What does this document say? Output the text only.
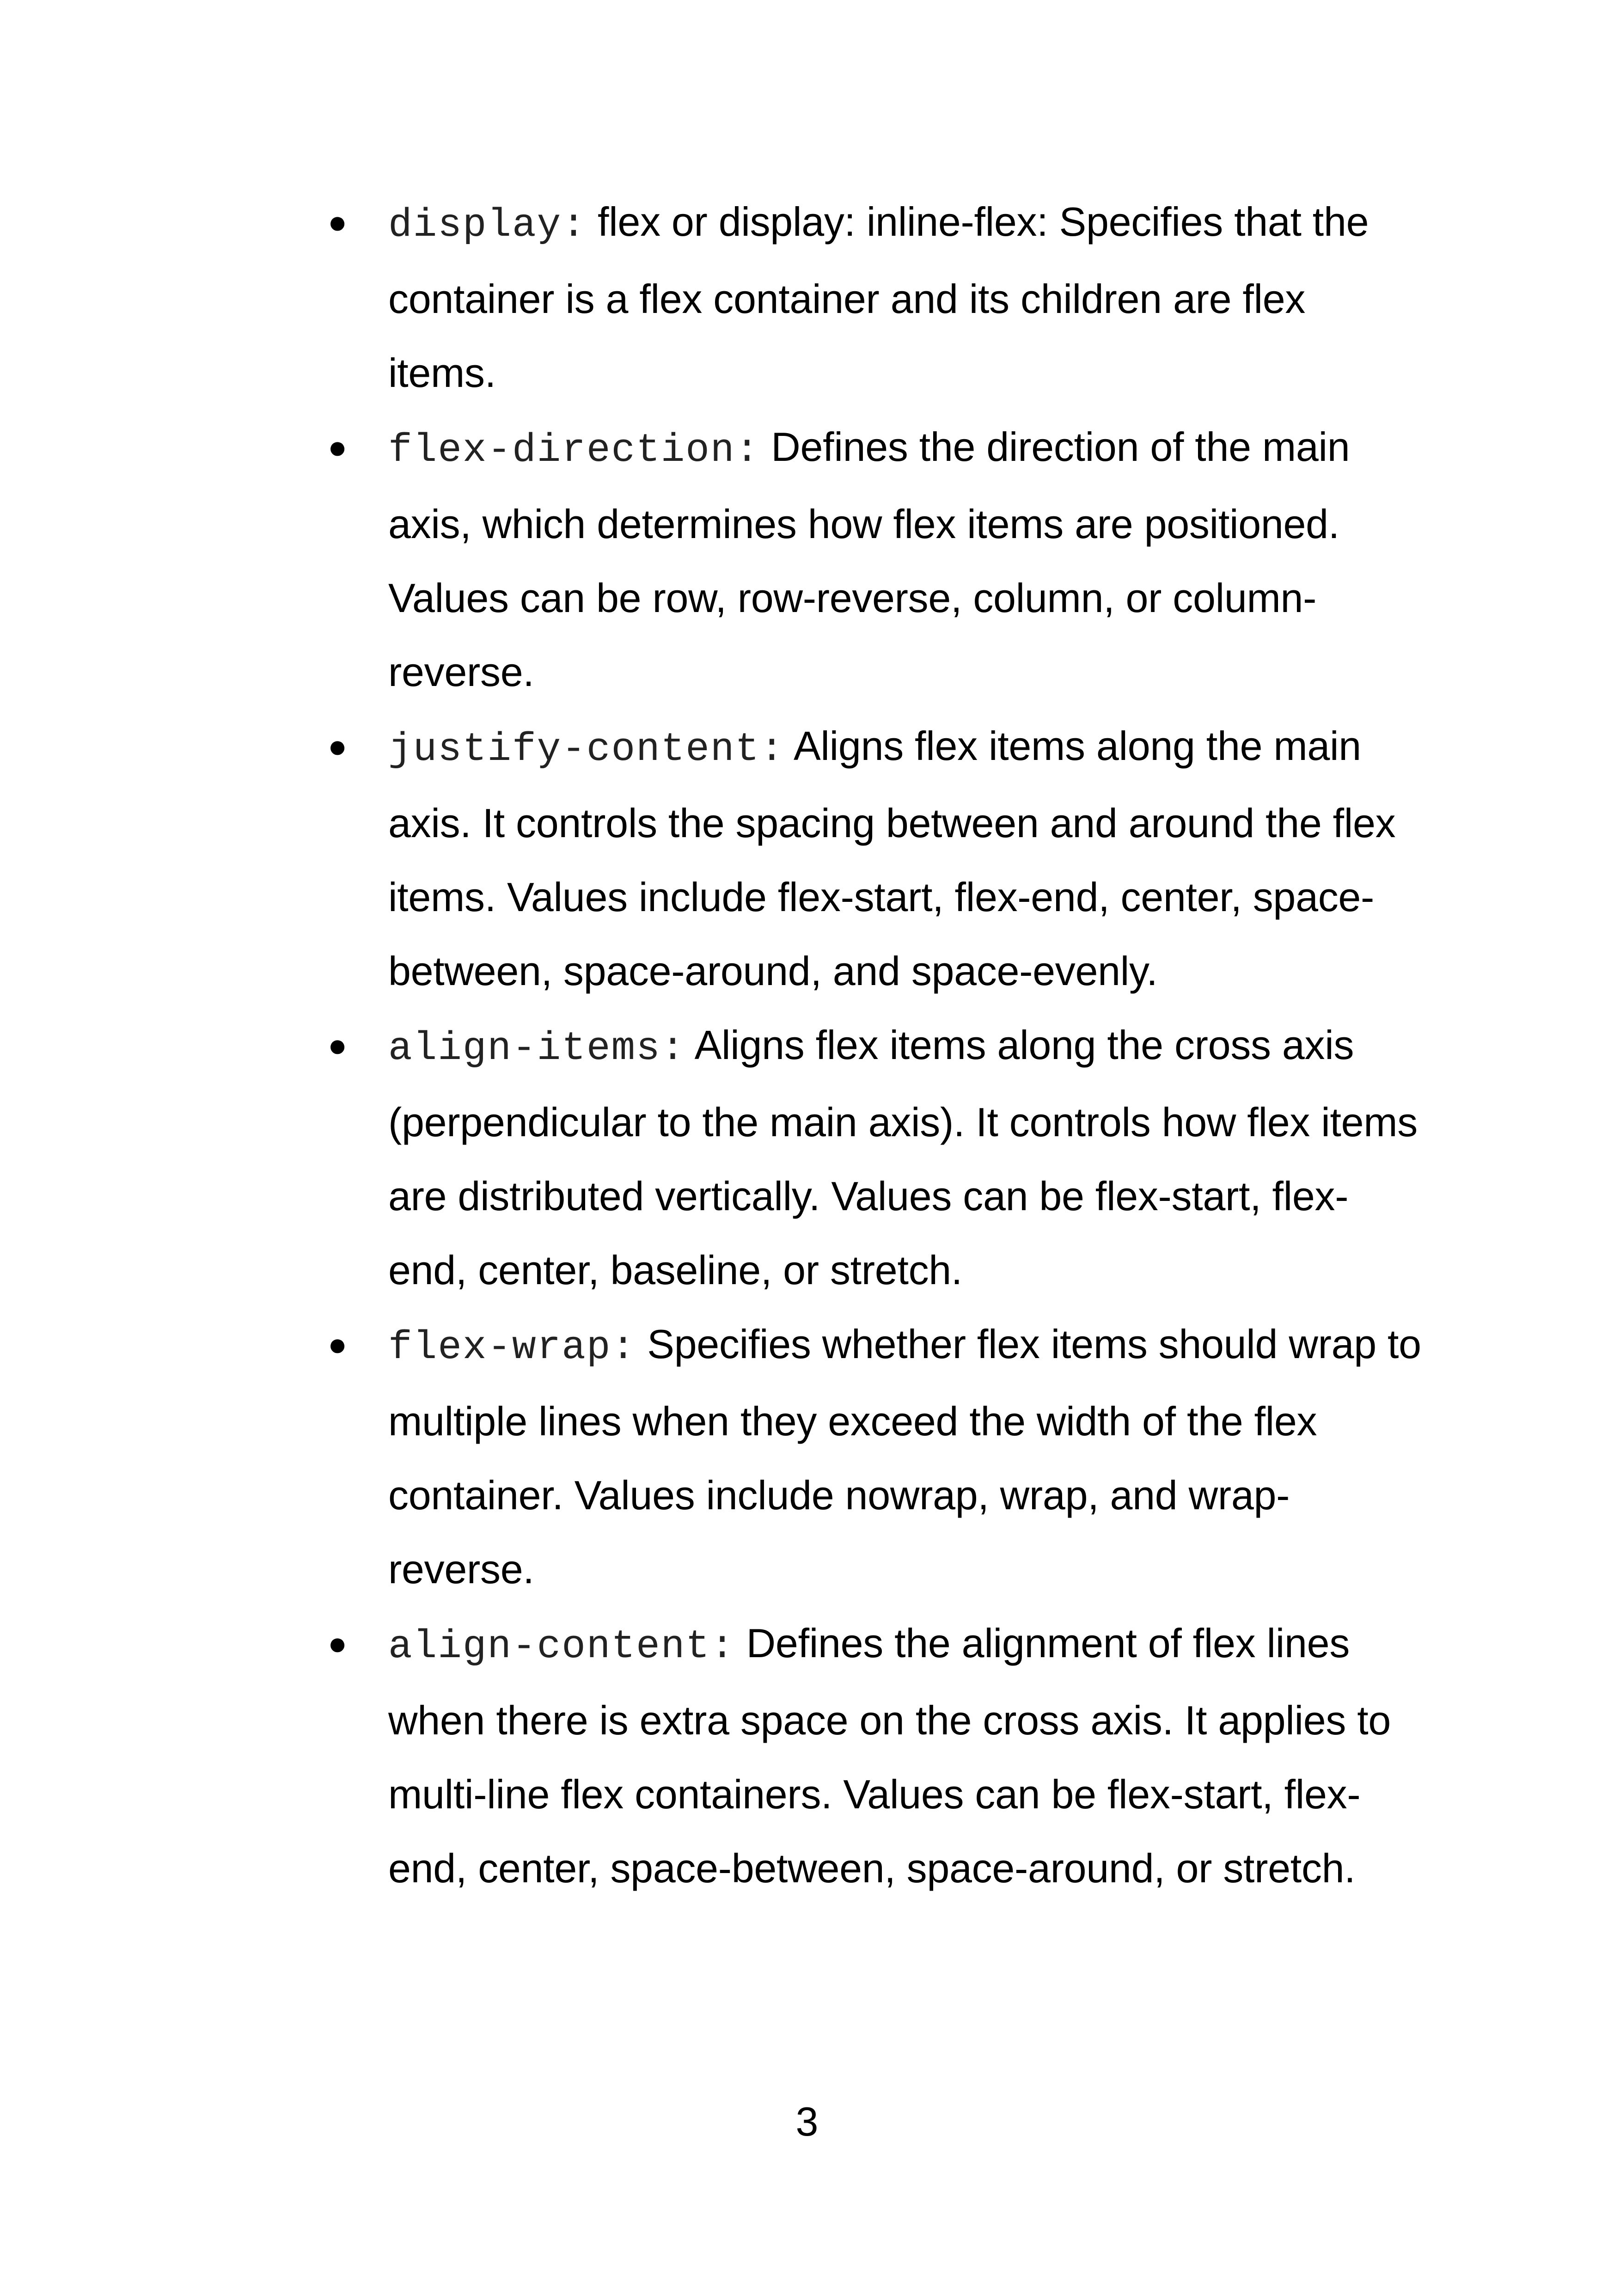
● display: flex or display: inline-flex: Specifies that the container is a flex container and its children are flex items.
● flex-direction: Defines the direction of the main axis, which determines how flex items are positioned. Values can be row, row-reverse, column, or column-reverse.
● justify-content: Aligns flex items along the main axis. It controls the spacing between and around the flex items. Values include flex-start, flex-end, center, space-between, space-around, and space-evenly.
● align-items: Aligns flex items along the cross axis (perpendicular to the main axis). It controls how flex items are distributed vertically. Values can be flex-start, flex-end, center, baseline, or stretch.
● flex-wrap: Specifies whether flex items should wrap to multiple lines when they exceed the width of the flex container. Values include nowrap, wrap, and wrap-reverse.
● align-content: Defines the alignment of flex lines when there is extra space on the cross axis. It applies to multi-line flex containers. Values can be flex-start, flex-end, center, space-between, space-around, or stretch.
3
